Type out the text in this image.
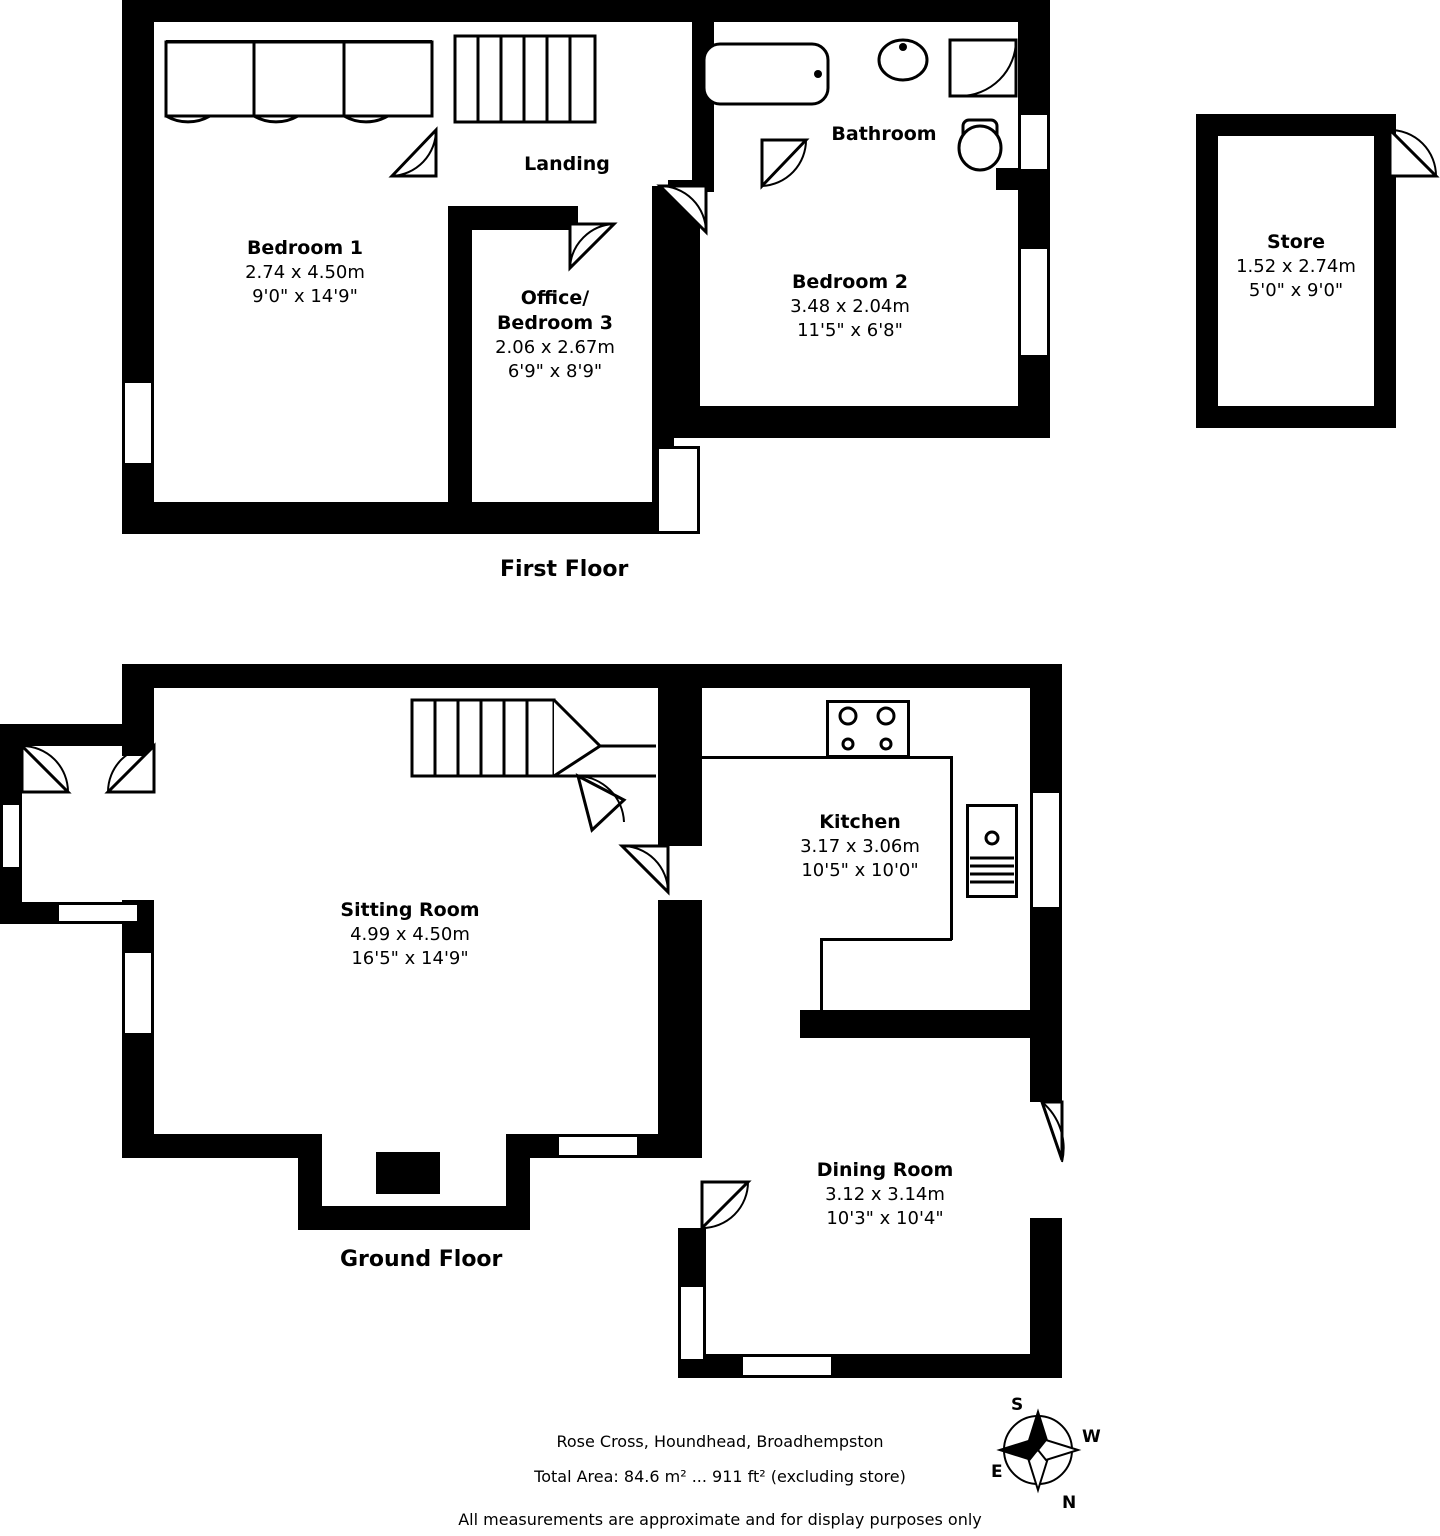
Bedroom 1
2.74 x 4.50m
9'0" x 14'9"
Landing
Bathroom
Office/
Bedroom 3
2.06 x 2.67m
6'9" x 8'9"
Bedroom 2
3.48 x 2.04m
11'5" x 6'8"
First Floor
Store
1.52 x 2.74m
5'0" x 9'0"
Sitting Room
4.99 x 4.50m
16'5" x 14'9"
Kitchen
3.17 x 3.06m
10'5" x 10'0"
Dining Room
3.12 x 3.14m
10'3" x 10'4"
Ground Floor
S
W
N
E
Rose Cross, Houndhead, Broadhempston
Total Area: 84.6 m² ... 911 ft² (excluding store)
All measurements are approximate and for display purposes only
